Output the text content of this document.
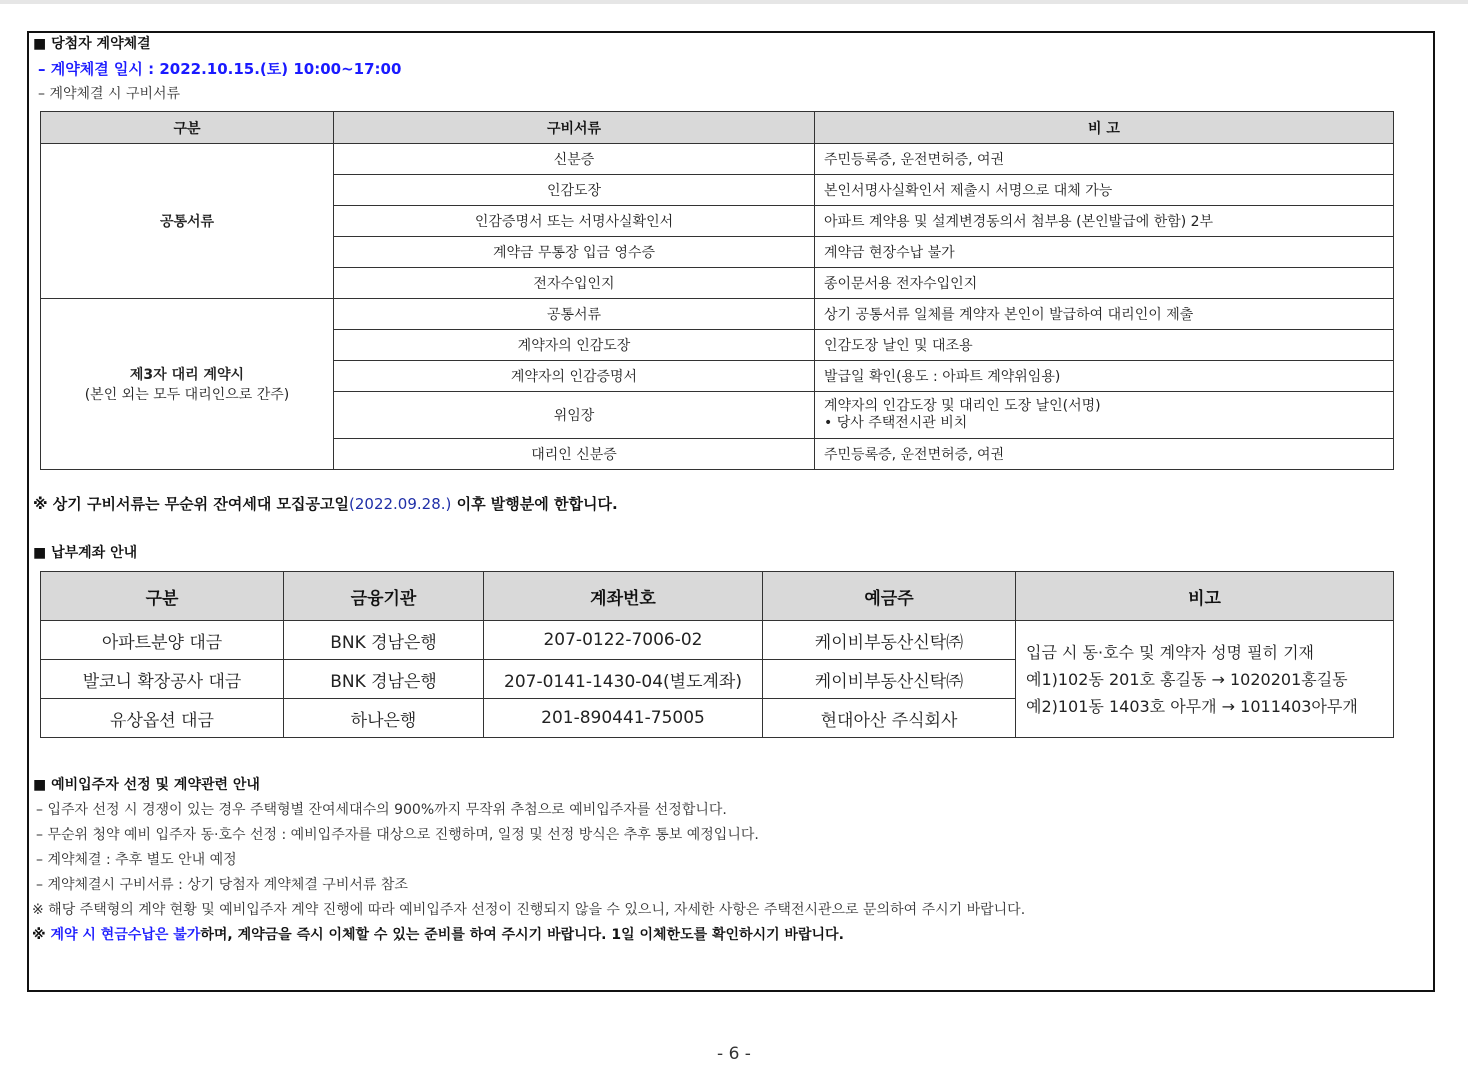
■ 당첨자 계약체결
– 계약체결 일시 : 2022.10.15.(토) 10:00~17:00
– 계약체결 시 구비서류
구분	구비서류	비 고
공통서류	신분증	주민등록증, 운전면허증, 여권
	인감도장	본인서명사실확인서 제출시 서명으로 대체 가능
	인감증명서 또는 서명사실확인서	아파트 계약용 및 설계변경동의서 첨부용 (본인발급에 한함) 2부
	계약금 무통장 입금 영수증	계약금 현장수납 불가
	전자수입인지	종이문서용 전자수입인지

제3자 대리 계약시
(본인 외는 모두 대리인으로 간주)	공통서류	상기 공통서류 일체를 계약자 본인이 발급하여 대리인이 제출
	계약자의 인감도장	인감도장 날인 및 대조용
	계약자의 인감증명서	발급일 확인(용도 : 아파트 계약위임용)
	위임장	계약자의 인감도장 및 대리인 도장 날인(서명)
• 당사 주택전시관 비치

	대리인 신분증	주민등록증, 운전면허증, 여권
※ 상기 구비서류는 무순위 잔여세대 모집공고일(2022.09.28.) 이후 발행분에 한합니다.
■ 납부계좌 안내
구분	금융기관	계좌번호	예금주	비고
아파트분양 대금	BNK 경남은행	207-0122-7006-02	케이비부동산신탁㈜	입금 시 동·호수 및 계약자 성명 필히 기재
예1)102동 201호 홍길동 → 1020201홍길동
예2)101동 1403호 아무개 → 1011403아무개

발코니 확장공사 대금	BNK 경남은행	207-0141-1430-04(별도계좌)	케이비부동산신탁㈜	
유상옵션 대금	하나은행	201-890441-75005	현대아산 주식회사	
■ 예비입주자 선정 및 계약관련 안내
– 입주자 선정 시 경쟁이 있는 경우 주택형별 잔여세대수의 900%까지 무작위 추첨으로 예비입주자를 선정합니다.
– 무순위 청약 예비 입주자 동·호수 선정 : 예비입주자를 대상으로 진행하며, 일정 및 선정 방식은 추후 통보 예정입니다.
– 계약체결 : 추후 별도 안내 예정
– 계약체결시 구비서류 : 상기 당첨자 계약체결 구비서류 참조
※ 해당 주택형의 계약 현황 및 예비입주자 계약 진행에 따라 예비입주자 선정이 진행되지 않을 수 있으니, 자세한 사항은 주택전시관으로 문의하여 주시기 바랍니다.
※ 계약 시 현금수납은 불가하며, 계약금을 즉시 이체할 수 있는 준비를 하여 주시기 바랍니다. 1일 이체한도를 확인하시기 바랍니다.
- 6 -
